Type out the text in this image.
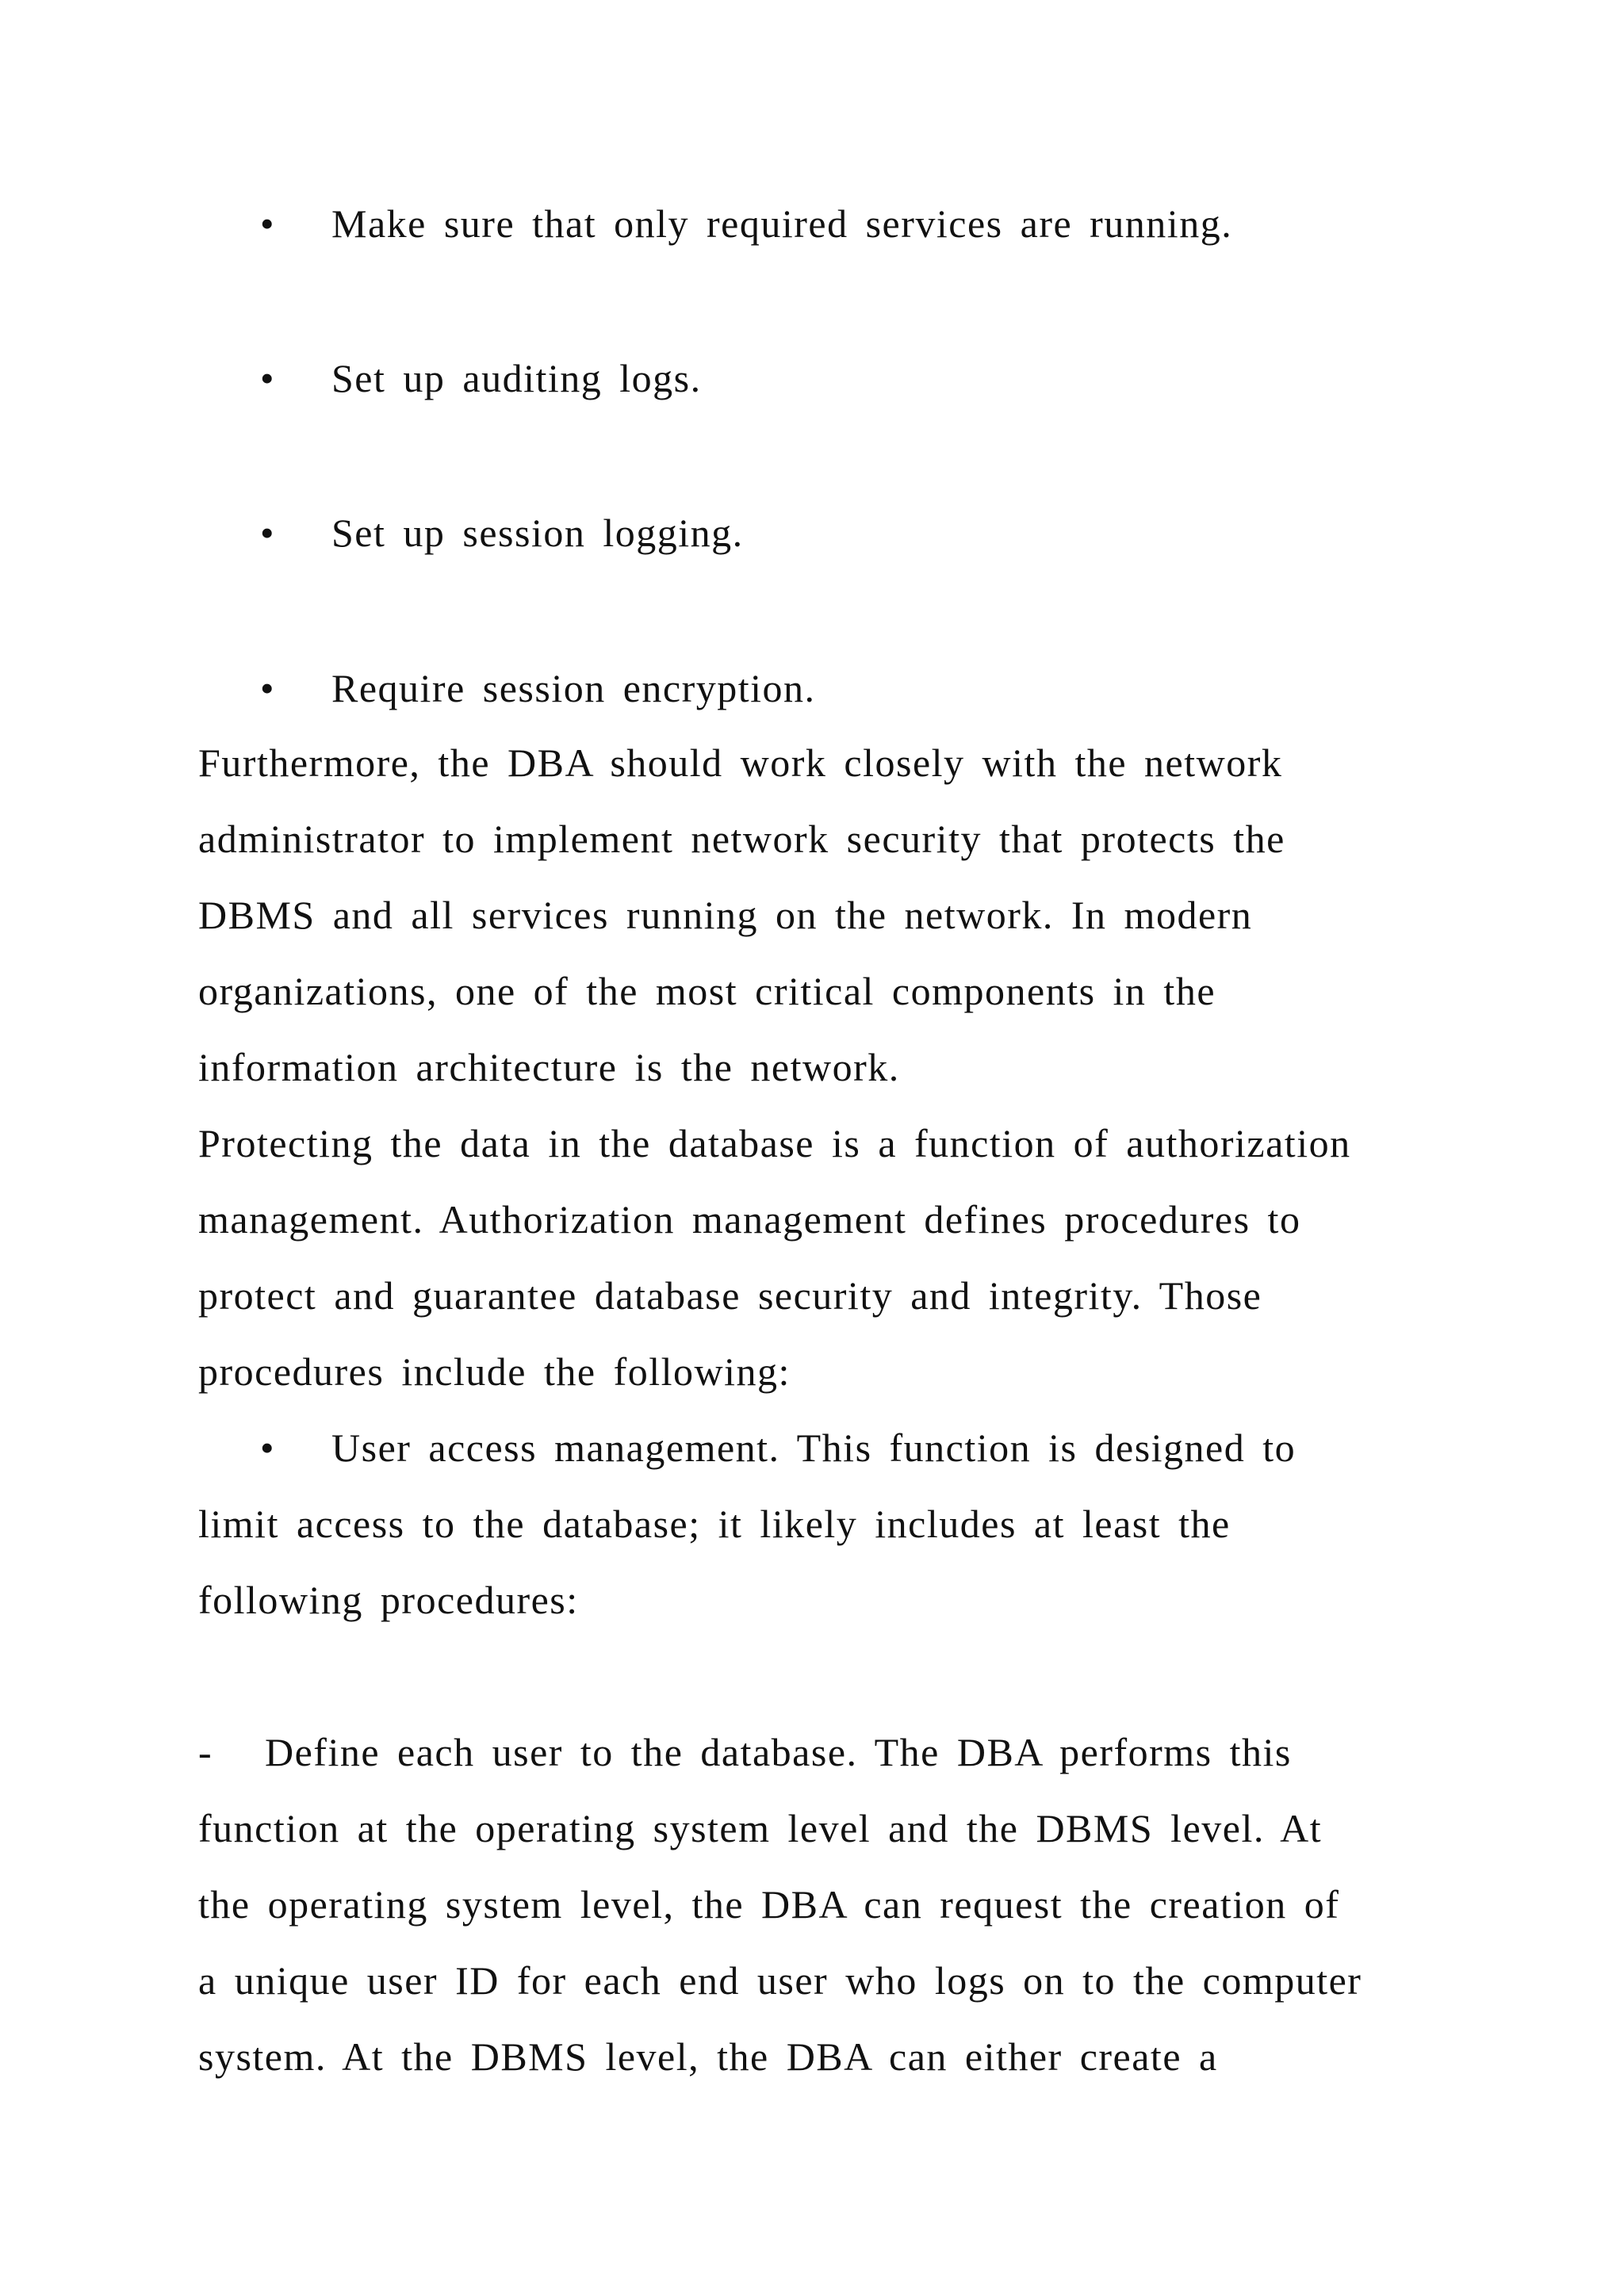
• Make sure that only required services are running.
• Set up auditing logs.
• Set up session logging.
• Require session encryption.
Furthermore, the DBA should work closely with the network
administrator to implement network security that protects the
DBMS and all services running on the network. In modern
organizations, one of the most critical components in the
information architecture is the network.
Protecting the data in the database is a function of authorization
management. Authorization management defines procedures to
protect and guarantee database security and integrity. Those
procedures include the following:
• User access management. This function is designed to
limit access to the database; it likely includes at least the
following procedures:
- Define each user to the database. The DBA performs this
function at the operating system level and the DBMS level. At
the operating system level, the DBA can request the creation of
a unique user ID for each end user who logs on to the computer
system. At the DBMS level, the DBA can either create a
